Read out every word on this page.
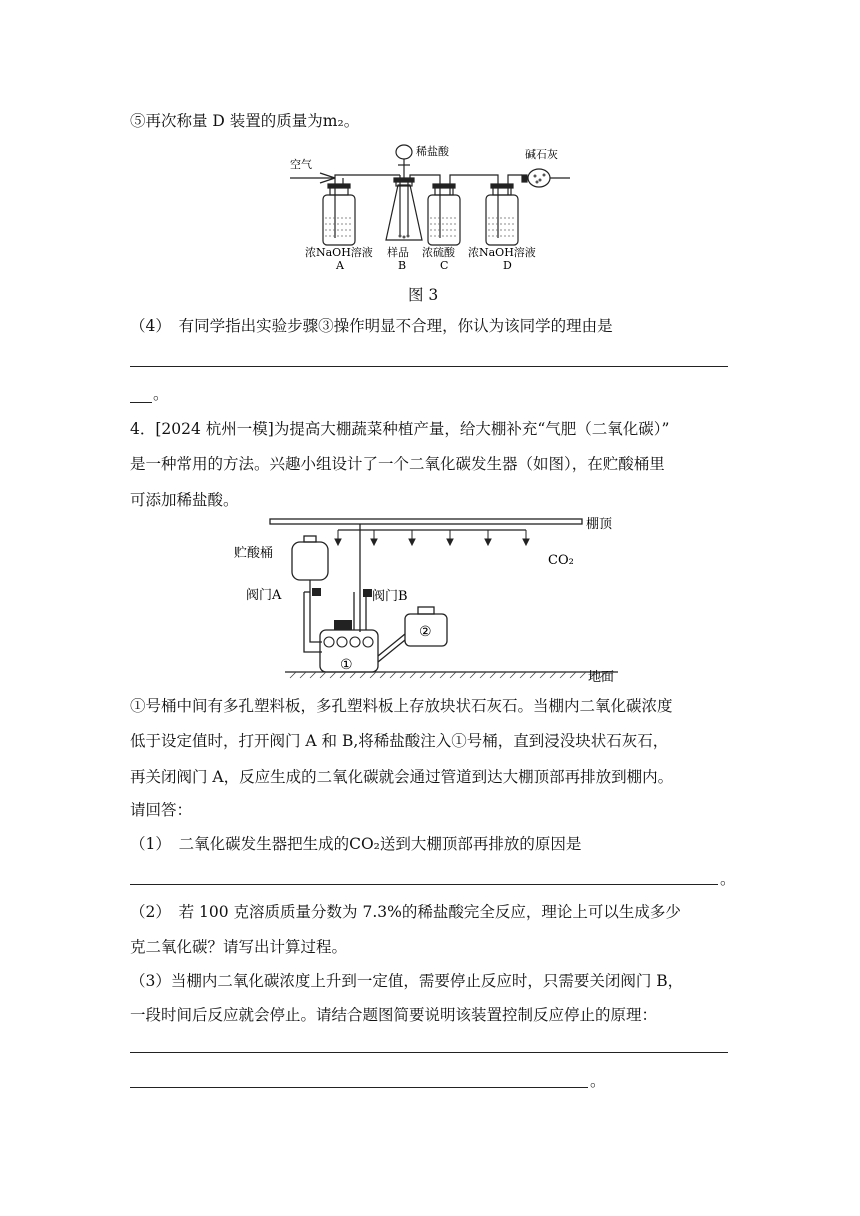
⑤再次称量 D 装置的质量为m₂。
空气
稀盐酸	碱石灰
浓NaOH溶液
A
样品
B
浓硫酸
C
浓NaOH溶液
D
图 3
（4）　有同学指出实验步骤③操作明显不合理，你认为该同学的理由是
。
4．[2024 杭州一模]为提高大棚蔬菜种植产量，给大棚补充“气肥（二氧化碳）”
是一种常用的方法。兴趣小组设计了一个二氧化碳发生器（如图），在贮酸桶里
可添加稀盐酸。
棚顶
CO₂
贮酸桶
阀门A	阀门B
①
②
地面
①号桶中间有多孔塑料板，多孔塑料板上存放块状石灰石。当棚内二氧化碳浓度
低于设定值时，打开阀门 A 和 B,将稀盐酸注入①号桶，直到浸没块状石灰石，
再关闭阀门 A，反应生成的二氧化碳就会通过管道到达大棚顶部再排放到棚内。
请回答：
（1）　二氧化碳发生器把生成的CO₂送到大棚顶部再排放的原因是
。
（2）　若 100 克溶质质量分数为 7.3%的稀盐酸完全反应，理论上可以生成多少
克二氧化碳？请写出计算过程。
（3）当棚内二氧化碳浓度上升到一定值，需要停止反应时，只需要关闭阀门 B，
一段时间后反应就会停止。请结合题图简要说明该装置控制反应停止的原理：
。
